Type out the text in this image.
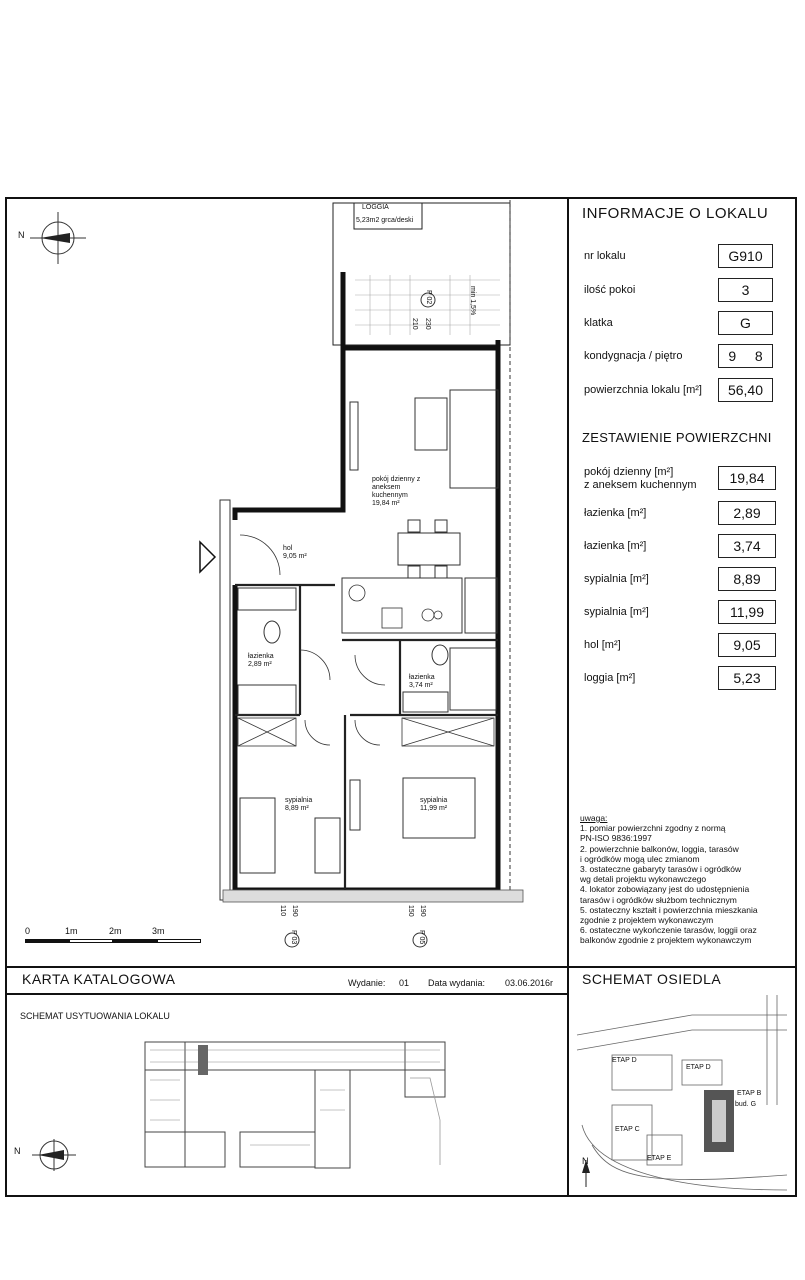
LOGGIA
5,23m2 grca/deski
min 1,5%
210 230
P 02
pokój dzienny z aneksem kuchennym
19,84 m²
hol
9,05 m²
łazienka
2,89 m²
łazienka
3,74 m²
sypialnia
8,89 m²
sypialnia
11,99 m²
110 190
P 03
150 190
P 05
N
0	1m	2m	3m
INFORMACJE O LOKALU
nr lokalu	G910
ilość pokoi	3
klatka	G
kondygnacja / piętro	9 8
powierzchnia lokalu [m²]	56,40
ZESTAWIENIE POWIERZCHNI
pokój dzienny [m²]
z aneksem kuchennym	19,84
łazienka [m²]	2,89
łazienka [m²]	3,74
sypialnia [m²]	8,89
sypialnia [m²]	11,99
hol [m²]	9,05
loggia [m²]	5,23
uwaga:
1. pomiar powierzchni zgodny z normą
PN-ISO 9836:1997
2. powierzchnie balkonów, loggia, tarasów
i ogródków mogą ulec zmianom
3. ostateczne gabaryty tarasów i ogródków
wg detali projektu wykonawczego
4. lokator zobowiązany jest do udostępnienia
tarasów i ogródków służbom technicznym
5. ostateczny kształt i powierzchnia mieszkania
zgodnie z projektem wykonawczym
6. ostateczne wykończenie tarasów, loggii oraz
balkonów zgodnie z projektem wykonawczym
KARTA KATALOGOWA	Wydanie: 01 Data wydania: 03.06.2016r
SCHEMAT USYTUOWANIA LOKALU
N
SCHEMAT OSIEDLA
ETAP D
ETAP D
ETAP C
ETAP E
ETAP B
bud. G
N
